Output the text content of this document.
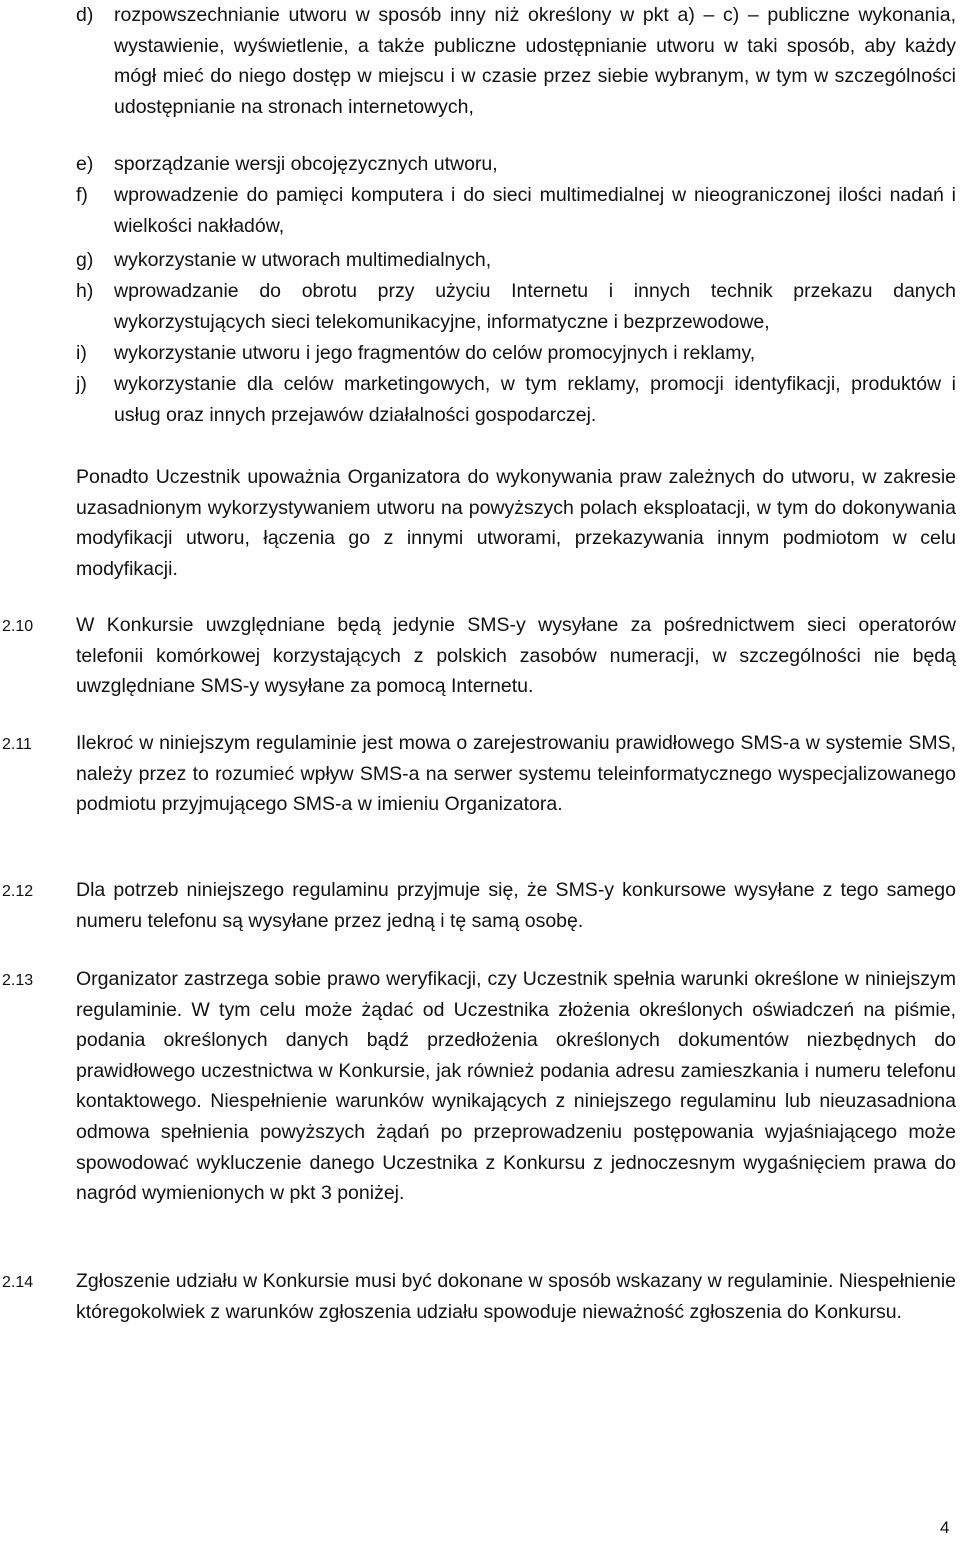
d)	rozpowszechnianie utworu w sposób inny niż określony w pkt a) – c) – publiczne wykonania, wystawienie, wyświetlenie, a także publiczne udostępnianie utworu w taki sposób, aby każdy mógł mieć do niego dostęp w miejscu i w czasie przez siebie wybranym, w tym w szczególności udostępnianie na stronach internetowych,
e)	sporządzanie wersji obcojęzycznych utworu,
f)	wprowadzenie do pamięci komputera i do sieci multimedialnej w nieograniczonej ilości nadań i wielkości nakładów,
g)	wykorzystanie w utworach multimedialnych,
h)	wprowadzanie do obrotu przy użyciu Internetu i innych technik przekazu danych wykorzystujących sieci telekomunikacyjne, informatyczne i bezprzewodowe,
i)	wykorzystanie utworu i jego fragmentów do celów promocyjnych i reklamy,
j)	wykorzystanie dla celów marketingowych, w tym reklamy, promocji identyfikacji, produktów i usług oraz innych przejawów działalności gospodarczej.
Ponadto Uczestnik upoważnia Organizatora do wykonywania praw zależnych do utworu, w zakresie uzasadnionym wykorzystywaniem utworu na powyższych polach eksploatacji, w tym do dokonywania modyfikacji utworu, łączenia go z innymi utworami, przekazywania innym podmiotom w celu modyfikacji.
2.10	W Konkursie uwzględniane będą jedynie SMS-y wysyłane za pośrednictwem sieci operatorów telefonii komórkowej korzystających z polskich zasobów numeracji, w szczególności nie będą uwzględniane SMS-y wysyłane za pomocą Internetu.
2.11	Ilekroć w niniejszym regulaminie jest mowa o zarejestrowaniu prawidłowego SMS-a w systemie SMS, należy przez to rozumieć wpływ SMS-a na serwer systemu teleinformatycznego wyspecjalizowanego podmiotu przyjmującego SMS-a w imieniu Organizatora.
2.12	Dla potrzeb niniejszego regulaminu przyjmuje się, że SMS-y konkursowe wysyłane z tego samego numeru telefonu są wysyłane przez jedną i tę samą osobę.
2.13	Organizator zastrzega sobie prawo weryfikacji, czy Uczestnik spełnia warunki określone w niniejszym regulaminie. W tym celu może żądać od Uczestnika złożenia określonych oświadczeń na piśmie, podania określonych danych bądź przedłożenia określonych dokumentów niezbędnych do prawidłowego uczestnictwa w Konkursie, jak również podania adresu zamieszkania i numeru telefonu kontaktowego. Niespełnienie warunków wynikających z niniejszego regulaminu lub nieuzasadniona odmowa spełnienia powyższych żądań po przeprowadzeniu postępowania wyjaśniającego może spowodować wykluczenie danego Uczestnika z Konkursu z jednoczesnym wygaśnięciem prawa do nagród wymienionych w pkt 3 poniżej.
2.14	Zgłoszenie udziału w Konkursie musi być dokonane w sposób wskazany w regulaminie. Niespełnienie któregokolwiek z warunków zgłoszenia udziału spowoduje nieważność zgłoszenia do Konkursu.
4
